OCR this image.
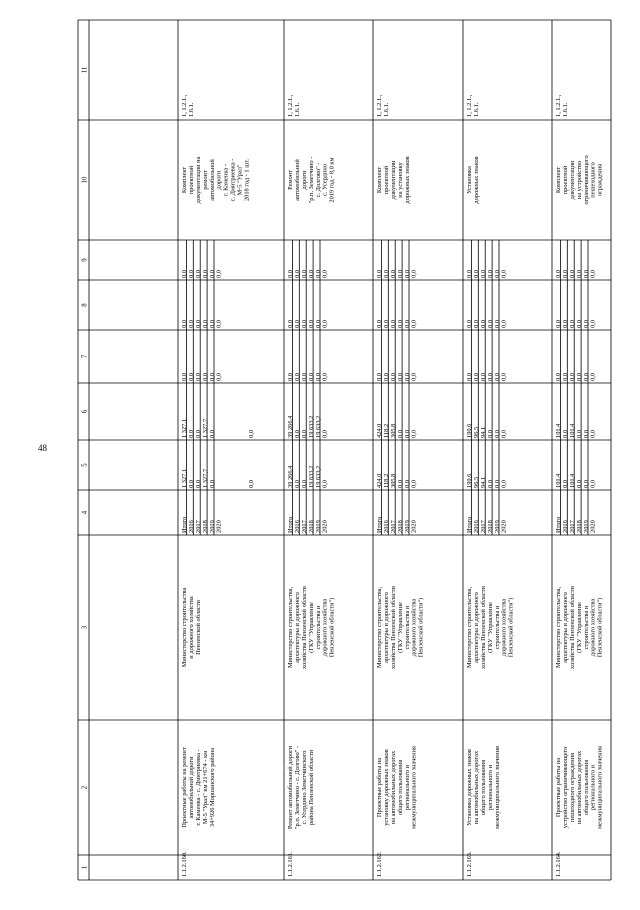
48
1
2
3
4
5
6
7
8
9
10
11
1.1.2.160.
Проектные работы на ремонт автомобильной дороги г. Каменка - с. Дмитриевка - М-5 "Урал" км 21+674 - км 34+926 Моршанского района
Министерство строительства и дорожного хозяйства Пензенской области
Итого 2016 2017 2018 2019 2020
1 327,1 0,0 0,0 1 327,7 0,0	0,0
1 327,1 0,0 0,0 1 327,7 0,0	0,0
0,0 0,0 0,0 0,0 0,0 0,0
0,0 0,0 0,0 0,0 0,0 0,0
0,0 0,0 0,0 0,0 0,0 0,0
Комплект проектной документации на ремонт автомобильной дороги г. Каменка - с. Дмитриевка - М-5 "Урал" 2018 год - 1 шт.
1, 1.2.1., 1.6.1.
1.1.2.161.
Ремонт автомобильной дороги "р.п. Земетчино - с. Долгово" - с. Усердино Земетчинского района Пензенской области
Министерство строительства, архитектуры и дорожного хозяйства Пензенской области (ГКУ "Управление строительства и дорожного хозяйства Пензенской области")
Итого 2016 2017 2018 2019 2020
39 266,4 0,0 0,0 19 633,2 19 633,2 0,0
39 266,4 0,0 0,0 19 633,2 19 633,2 0,0
0,0 0,0 0,0 0,0 0,0 0,0
0,0 0,0 0,0 0,0 0,0 0,0
0,0 0,0 0,0 0,0 0,0 0,0
Ремонт автомобильной дороги "р.п. Земетчино - с. Долгово" - с. Усердино 2019 год - 8,0 км
1, 1.2.1., 1.6.1.
1.1.2.162.
Проектные работы на установку дорожных знаков на автомобильных дорогах общего пользования регионального и межмуниципального значения
Министерство строительства, архитектуры и дорожного хозяйства Пензенской области (ГКУ "Управление строительства и дорожного хозяйства Пензенской области")
Итого 2016 2017 2018 2019 2020
424,0 118,2 305,8 0,0 0,0 0,0
424,0 118,2 305,8 0,0 0,0 0,0
0,0 0,0 0,0 0,0 0,0 0,0
0,0 0,0 0,0 0,0 0,0 0,0
0,0 0,0 0,0 0,0 0,0 0,0
Комплект проектной документации на установку дорожных знаков
1, 1.2.1., 1.6.1.
1.1.2.163.
Установка дорожных знаков на автомобильных дорогах общего пользования регионального и межмуниципального значения
Министерство строительства, архитектуры и дорожного хозяйства Пензенской области (ГКУ "Управление строительства и дорожного хозяйства Пензенской области")
Итого 2016 2017 2018 2019 2020
190,6 96,5 94,1 0,0 0,0 0,0
190,6 96,5 94,1 0,0 0,0 0,0
0,0 0,0 0,0 0,0 0,0 0,0
0,0 0,0 0,0 0,0 0,0 0,0
0,0 0,0 0,0 0,0 0,0 0,0
Установка дорожных знаков
1, 1.2.1., 1.6.1.
1.1.2.164.
Проектные работы на устройство ограничивающего пешеходного ограждения на автомобильных дорогах общего пользования регионального и межмуниципального значения
Министерство строительства, архитектуры и дорожного хозяйства Пензенской области (ГКУ "Управление строительства и дорожного хозяйства Пензенской области")
Итого 2016 2017 2018 2019 2020
101,4 0,0 101,4 0,0 0,0 0,0
101,4 0,0 101,4 0,0 0,0 0,0
0,0 0,0 0,0 0,0 0,0 0,0
0,0 0,0 0,0 0,0 0,0 0,0
0,0 0,0 0,0 0,0 0,0 0,0
Комплект проектной документации на устройство ограничивающего пешеходного ограждения
1, 1.2.1., 1.6.1.
